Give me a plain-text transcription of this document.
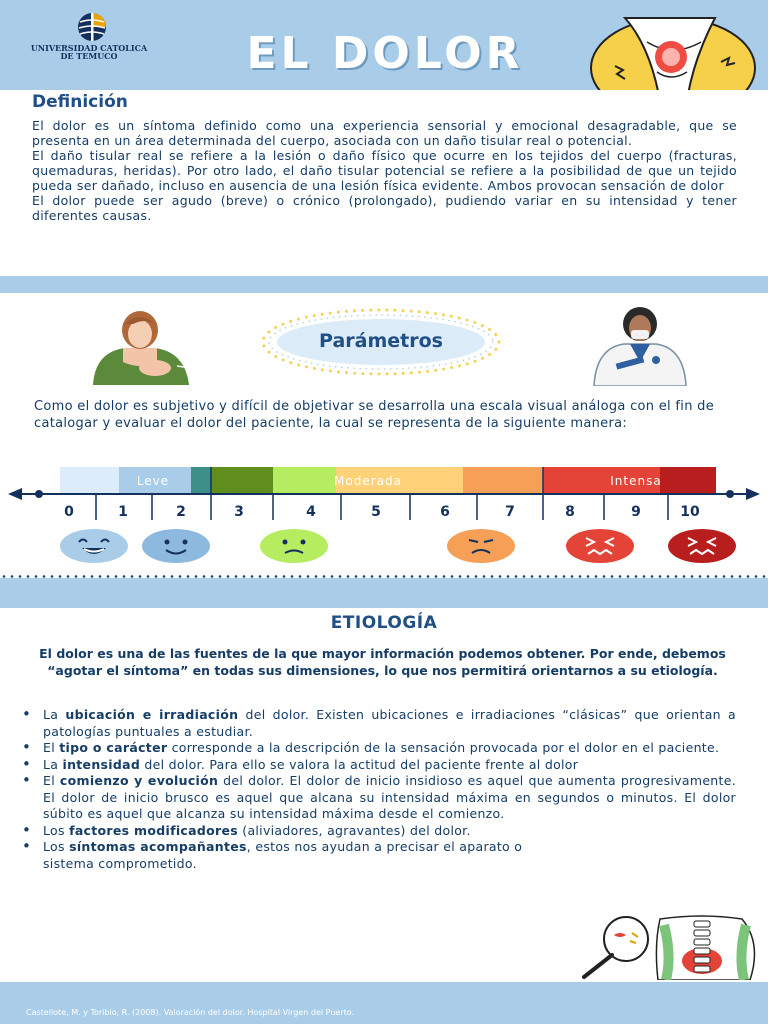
UNIVERSIDAD CATOLICA
DE TEMUCO	EL DOLOR
Definición

El dolor es un síntoma definido como una experiencia sensorial y emocional desagradable, que se presenta en un área determinada del cuerpo, asociada con un daño tisular real o potencial.

El daño tisular real se refiere a la lesión o daño físico que ocurre en los tejidos del cuerpo (fracturas, quemaduras, heridas). Por otro lado, el daño tisular potencial se refiere a la posibilidad de que un tejido pueda ser dañado, incluso en ausencia de una lesión física evidente. Ambos provocan sensación de dolor

El dolor puede ser agudo (breve) o crónico (prolongado), pudiendo variar en su intensidad y tener diferentes causas.

Parámetros
Como el dolor es subjetivo y difícil de objetivar se desarrolla una escala visual análoga con el fin de catalogar y evaluar el dolor del paciente, la cual se representa de la siguiente manera:
Leve	Moderada	Intensa
0	1	2	3	4	5	6	7	8	9	10
ETIOLOGÍA
El dolor es una de las fuentes de la que mayor información podemos obtener. Por ende, debemos “agotar el síntoma” en todas sus dimensiones, lo que nos permitirá orientarnos a su etiología.
• La ubicación e irradiación del dolor. Existen ubicaciones e irradiaciones “clásicas” que orientan a patologías puntuales a estudiar.
• El tipo o carácter corresponde a la descripción de la sensación provocada por el dolor en el paciente.
• La intensidad del dolor. Para ello se valora la actitud del paciente frente al dolor
• El comienzo y evolución del dolor. El dolor de inicio insidioso es aquel que aumenta progresivamente. El dolor de inicio brusco es aquel que alcana su intensidad máxima en segundos o minutos. El dolor súbito es aquel que alcanza su intensidad máxima desde el comienzo.
• Los factores modificadores (aliviadores, agravantes) del dolor.
• Los síntomas acompañantes, estos nos ayudan a precisar el aparato o sistema comprometido.
Castellote, M. y Toribio, R. (2008). Valoración del dolor. Hospital Virgen del Puerto.
